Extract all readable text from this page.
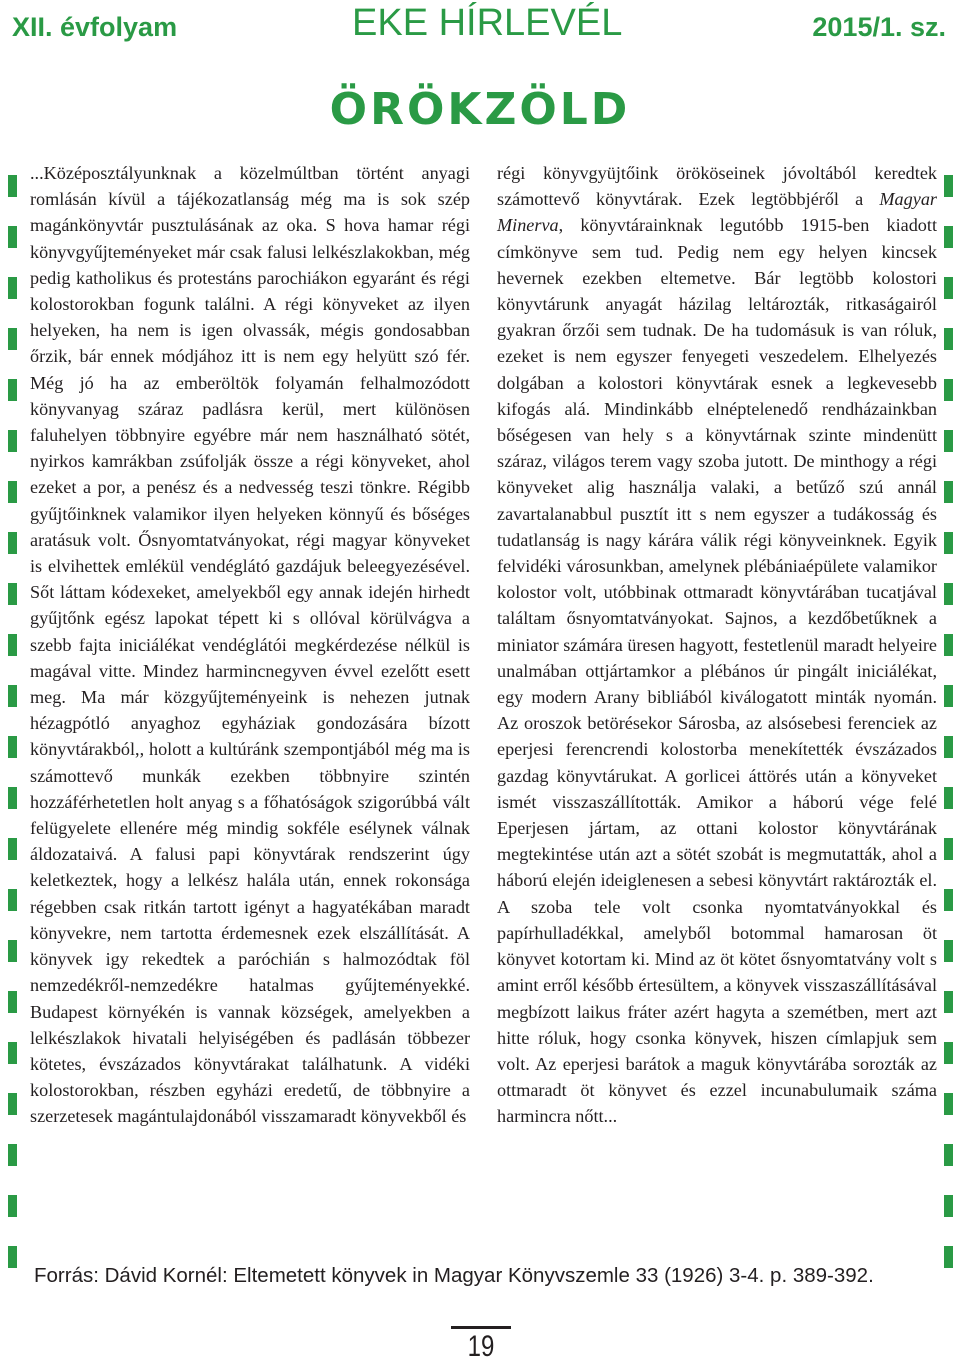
XII. évfolyam	EKE HÍRLEVÉL	2015/1. sz.
ÖRÖKZÖLD

...Középosztályunknak a közelmúltban történt anyagi romlásán kívül a tájékozatlanság még ma is sok szép magánkönyvtár pusztulásának az oka. S hova hamar régi könyvgyűjteményeket már csak falusi lelkészlakokban, még pedig katholikus és protestáns parochiákon egyaránt és régi kolostorokban fogunk találni. A régi könyveket az ilyen helyeken, ha nem is igen olvassák, mégis gondosabban őrzik, bár ennek módjához itt is nem egy helyütt szó fér. Még jó ha az emberöltök folyamán felhalmozódott könyvanyag száraz padlásra kerül, mert különösen faluhelyen többnyire egyébre már nem használható sötét, nyirkos kamrákban zsúfolják össze a régi könyveket, ahol ezeket a por, a penész és a nedvesség teszi tönkre. Régibb gyűjtőinknek valamikor ilyen helyeken könnyű és bőséges aratásuk volt. Ősnyomtatványokat, régi magyar könyveket is elvihettek emlékül vendéglátó gazdájuk beleegyezésével. Sőt láttam kódexeket, amelyekből egy annak idején hirhedt gyűjtőnk egész lapokat tépett ki s ollóval körülvágva a szebb fajta iniciálékat vendéglátói megkérdezése nélkül is magával vitte. Mindez harmincnegyven évvel ezelőtt esett meg. Ma már közgyűjteményeink is nehezen jutnak hézagpótló anyaghoz egyháziak gondozására bízott könyvtárakból,, holott a kultúránk szempontjából még ma is számottevő munkák ezekben többnyire szintén hozzáférhetetlen holt anyag s a főhatóságok szigorúbbá vált felügyelete ellenére még mindig sokféle esélynek válnak áldozataivá. A falusi papi könyvtárak rendszerint úgy keletkeztek, hogy a lelkész halála után, ennek rokonsága régebben csak ritkán tartott igényt a hagyatékában maradt könyvekre, nem tartotta érdemesnek ezek elszállítását. A könyvek igy rekedtek a paróchián s halmozódtak föl nemzedékről-nemzedékre hatalmas gyűjteményekké. Budapest környékén is vannak községek, amelyekben a lelkészlakok hivatali helyiségében és padlásán többezer kötetes, évszázados könyvtárakat találhatunk. A vidéki kolostorokban, részben egyházi eredetű, de többnyire a szerzetesek magántulajdonából visszamaradt könyvekből és

régi könyvgyüjtőink örököseinek jóvoltából keredtek számottevő könyvtárak. Ezek legtöbbjéről a Magyar Minerva, könyvtárainknak legutóbb 1915-ben kiadott címkönyve sem tud. Pedig nem egy helyen kincsek hevernek ezekben eltemetve. Bár legtöbb kolostori könyvtárunk anyagát házilag leltározták, ritkaságairól gyakran őrzői sem tudnak. De ha tudomásuk is van róluk, ezeket is nem egyszer fenyegeti veszedelem. Elhelyezés dolgában a kolostori könyvtárak esnek a legkevesebb kifogás alá. Mindinkább elnéptelenedő rendházainkban bőségesen van hely s a könyvtárnak szinte mindenütt száraz, világos terem vagy szoba jutott. De minthogy a régi könyveket alig használja valaki, a betűző szú annál zavartalanabbul pusztít itt s nem egyszer a tudákosság és tudatlanság is nagy kárára válik régi könyveinknek. Egyik felvidéki városunkban, amelynek plébániaépülete valamikor kolostor volt, utóbbinak ottmaradt könyvtárában tucatjával találtam ősnyomtatványokat. Sajnos, a kezdőbetűknek a miniator számára üresen hagyott, festetlenül maradt helyeire unalmában ottjártamkor a plébános úr pingált iniciálékat, egy modern Arany bibliából kiválogatott minták nyomán. Az oroszok betörésekor Sárosba, az alsósebesi ferenciek az eperjesi ferencrendi kolostorba menekítették évszázados gazdag könyvtárukat. A gorlicei áttörés után a könyveket ismét visszaszállították. Amikor a háború vége felé Eperjesen jártam, az ottani kolostor könyvtárának megtekintése után azt a sötét szobát is megmutatták, ahol a háború elején ideiglenesen a sebesi könyvtárt raktározták el. A szoba tele volt csonka nyomtatványokkal és papírhulladékkal, amelyből botommal hamarosan öt könyvet kotortam ki. Mind az öt kötet ősnyomtatvány volt s amint erről később értesültem, a könyvek visszaszállításával megbízott laikus fráter azért hagyta a szemétben, mert azt hitte róluk, hogy csonka könyvek, hiszen címlapjuk sem volt. Az eperjesi barátok a maguk könyvtárába sorozták az ottmaradt öt könyvet és ezzel incunabulumaik száma harmincra nőtt...

Forrás: Dávid Kornél: Eltemetett könyvek in Magyar Könyvszemle 33 (1926) 3-4. p. 389-392.
19
